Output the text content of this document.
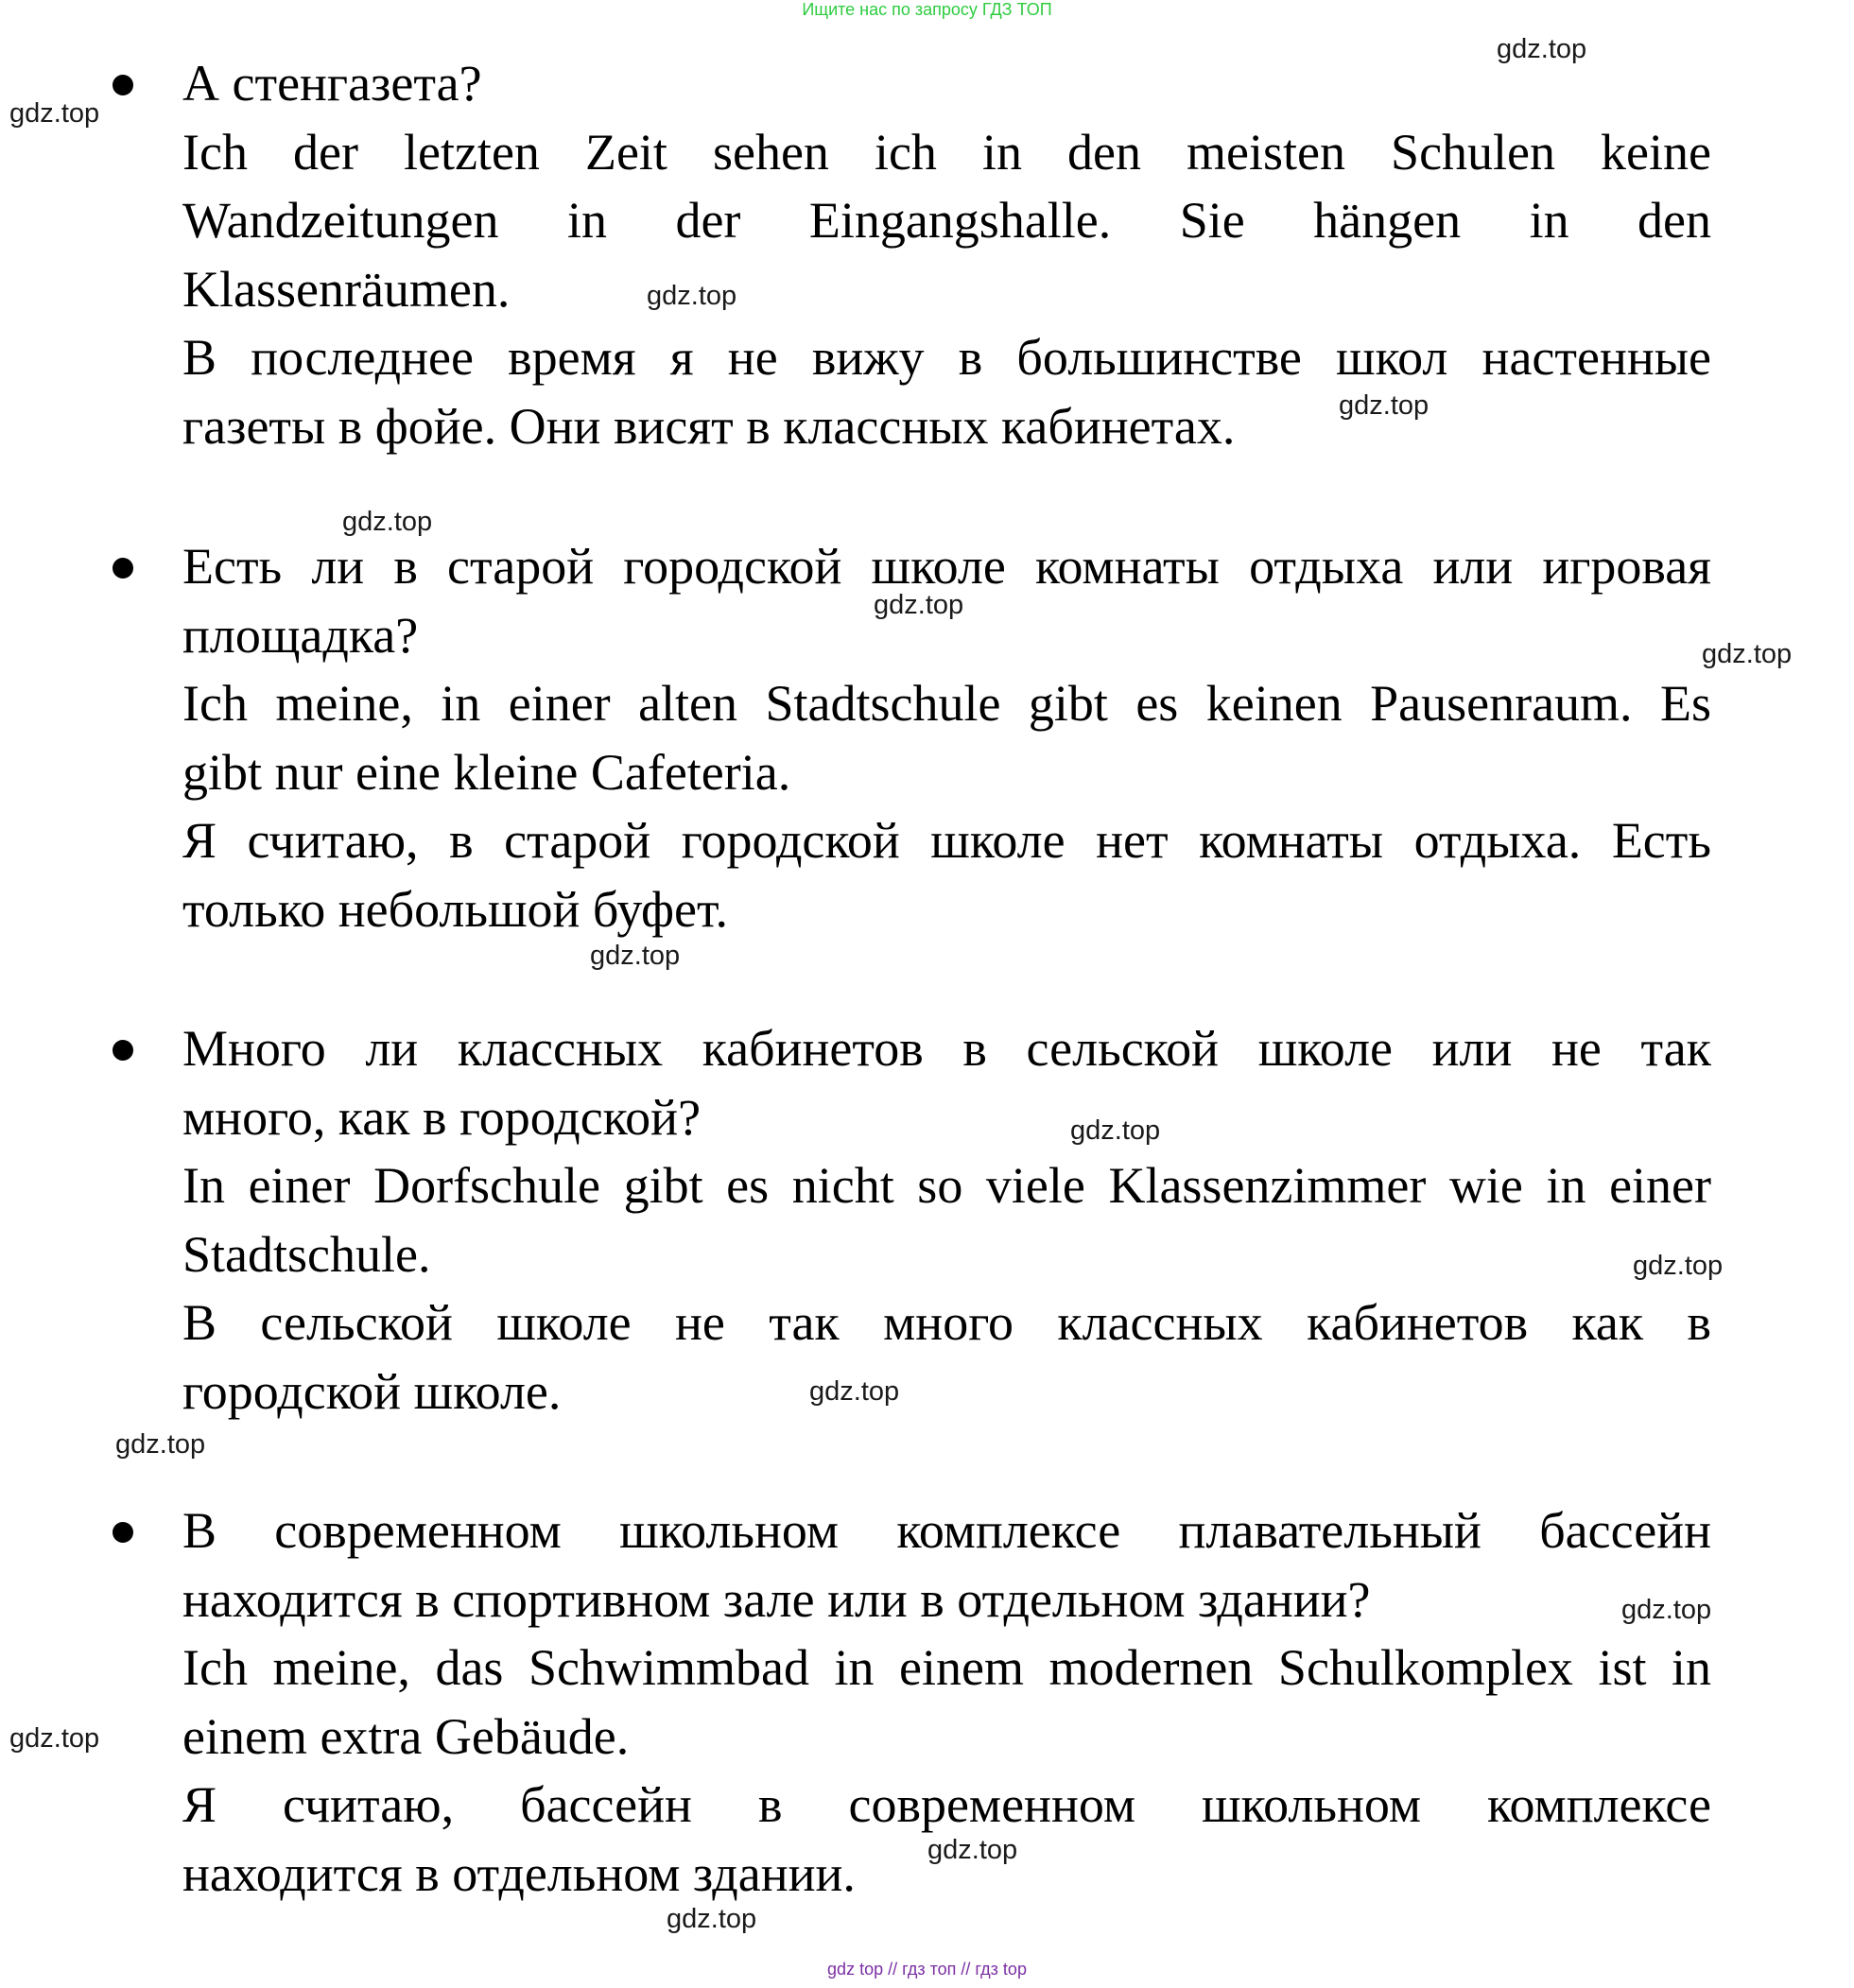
Ищите нас по запросу ГДЗ ТОП
А стенгазета?
Ich der letzten Zeit sehen ich in den meisten Schulen keine
Wandzeitungen in der Eingangshalle. Sie hängen in den
Klassenräumen.
В последнее время я не вижу в большинстве школ настенные
газеты в фойе. Они висят в классных кабинетах.
Есть ли в старой городской школе комнаты отдыха или игровая
площадка?
Ich meine, in einer alten Stadtschule gibt es keinen Pausenraum. Es
gibt nur eine kleine Cafeteria.
Я считаю, в старой городской школе нет комнаты отдыха. Есть
только небольшой буфет.
Много ли классных кабинетов в сельской школе или не так
много, как в городской?
In einer Dorfschule gibt es nicht so viele Klassenzimmer wie in einer
Stadtschule.
В сельской школе не так много классных кабинетов как в
городской школе.
В современном школьном комплексе плавательный бассейн
находится в спортивном зале или в отдельном здании?
Ich meine, das Schwimmbad in einem modernen Schulkomplex ist in
einem extra Gebäude.
Я считаю, бассейн в современном школьном комплексе
находится в отдельном здании.
gdz.top
gdz.top
gdz.top
gdz.top
gdz.top
gdz.top
gdz.top
gdz.top
gdz.top
gdz.top
gdz.top
gdz.top
gdz.top
gdz.top
gdz.top
gdz.top
gdz top // гдз топ // гдз top
